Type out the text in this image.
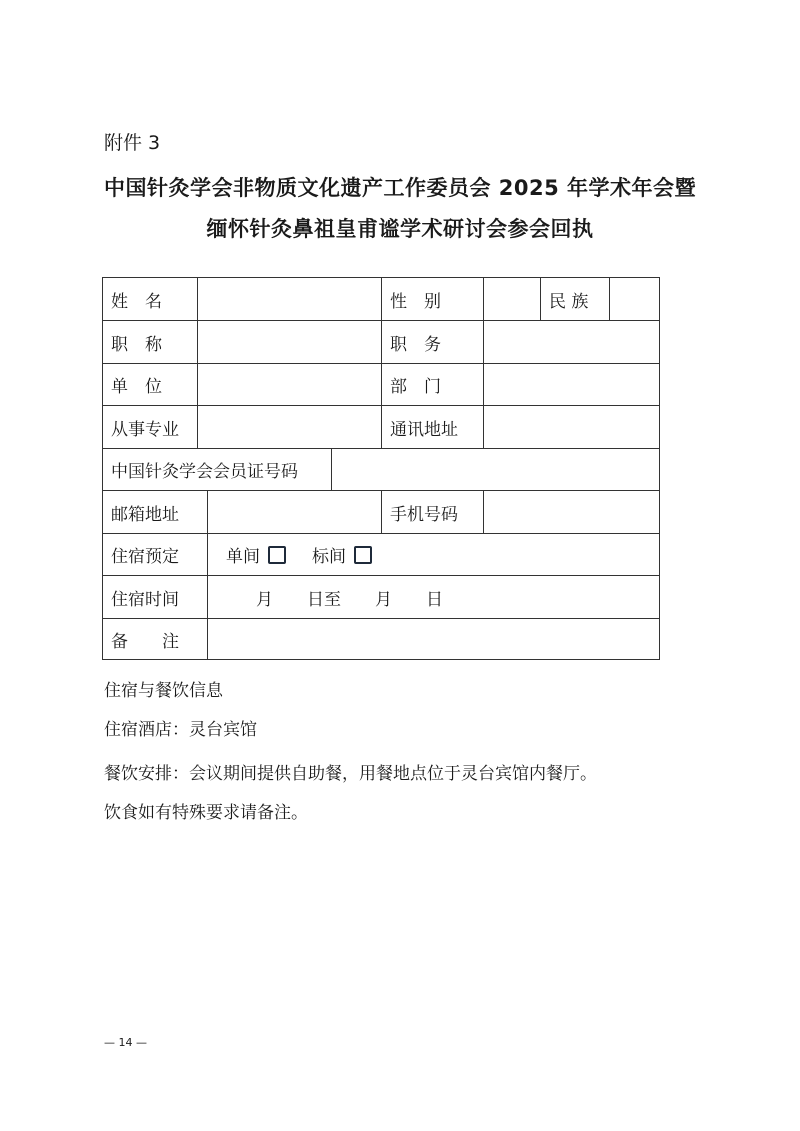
附件 3
中国针灸学会非物质文化遗产工作委员会 2025 年学术年会暨
缅怀针灸鼻祖皇甫谧学术研讨会参会回执
姓　名	性　别	民 族
职　称	职　务
单　位	部　门
从事专业	通讯地址
中国针灸学会会员证号码
邮箱地址	手机号码
住宿预定	单间	标间
住宿时间	月　　日至　　月　　日
备　　注
住宿与餐饮信息
住宿酒店：灵台宾馆
餐饮安排：会议期间提供自助餐，用餐地点位于灵台宾馆内餐厅。
饮食如有特殊要求请备注。
— 14 —
